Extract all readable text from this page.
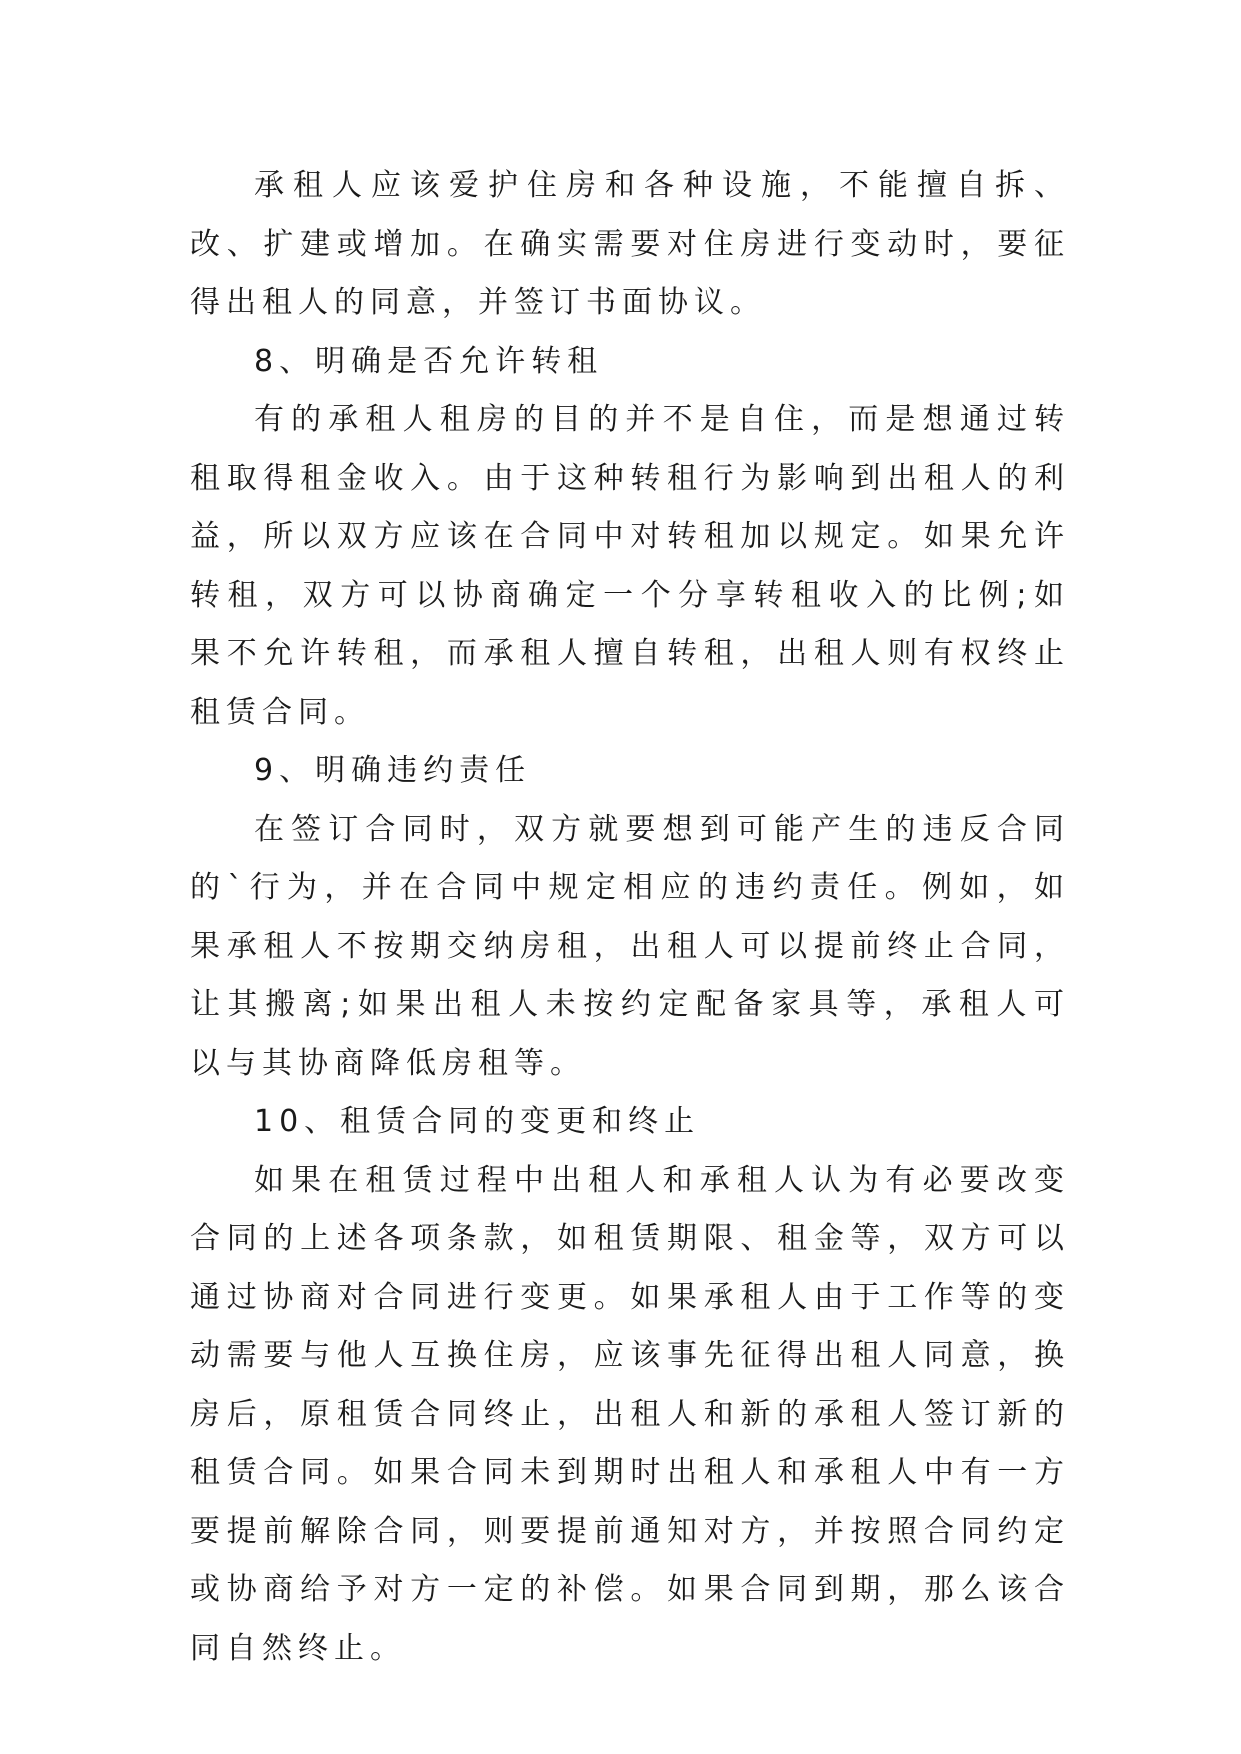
承租人应该爱护住房和各种设施，不能擅自拆、改、扩建或增加。在确实需要对住房进行变动时，要征得出租人的同意，并签订书面协议。

8、明确是否允许转租

有的承租人租房的目的并不是自住，而是想通过转租取得租金收入。由于这种转租行为影响到出租人的利益，所以双方应该在合同中对转租加以规定。如果允许转租，双方可以协商确定一个分享转租收入的比例;如果不允许转租，而承租人擅自转租，出租人则有权终止租赁合同。

9、明确违约责任

在签订合同时，双方就要想到可能产生的违反合同的`行为，并在合同中规定相应的违约责任。例如，如果承租人不按期交纳房租，出租人可以提前终止合同，让其搬离;如果出租人未按约定配备家具等，承租人可以与其协商降低房租等。

10、租赁合同的变更和终止

如果在租赁过程中出租人和承租人认为有必要改变合同的上述各项条款，如租赁期限、租金等，双方可以通过协商对合同进行变更。如果承租人由于工作等的变动需要与他人互换住房，应该事先征得出租人同意，换房后，原租赁合同终止，出租人和新的承租人签订新的租赁合同。如果合同未到期时出租人和承租人中有一方要提前解除合同，则要提前通知对方，并按照合同约定或协商给予对方一定的补偿。如果合同到期，那么该合同自然终止。
